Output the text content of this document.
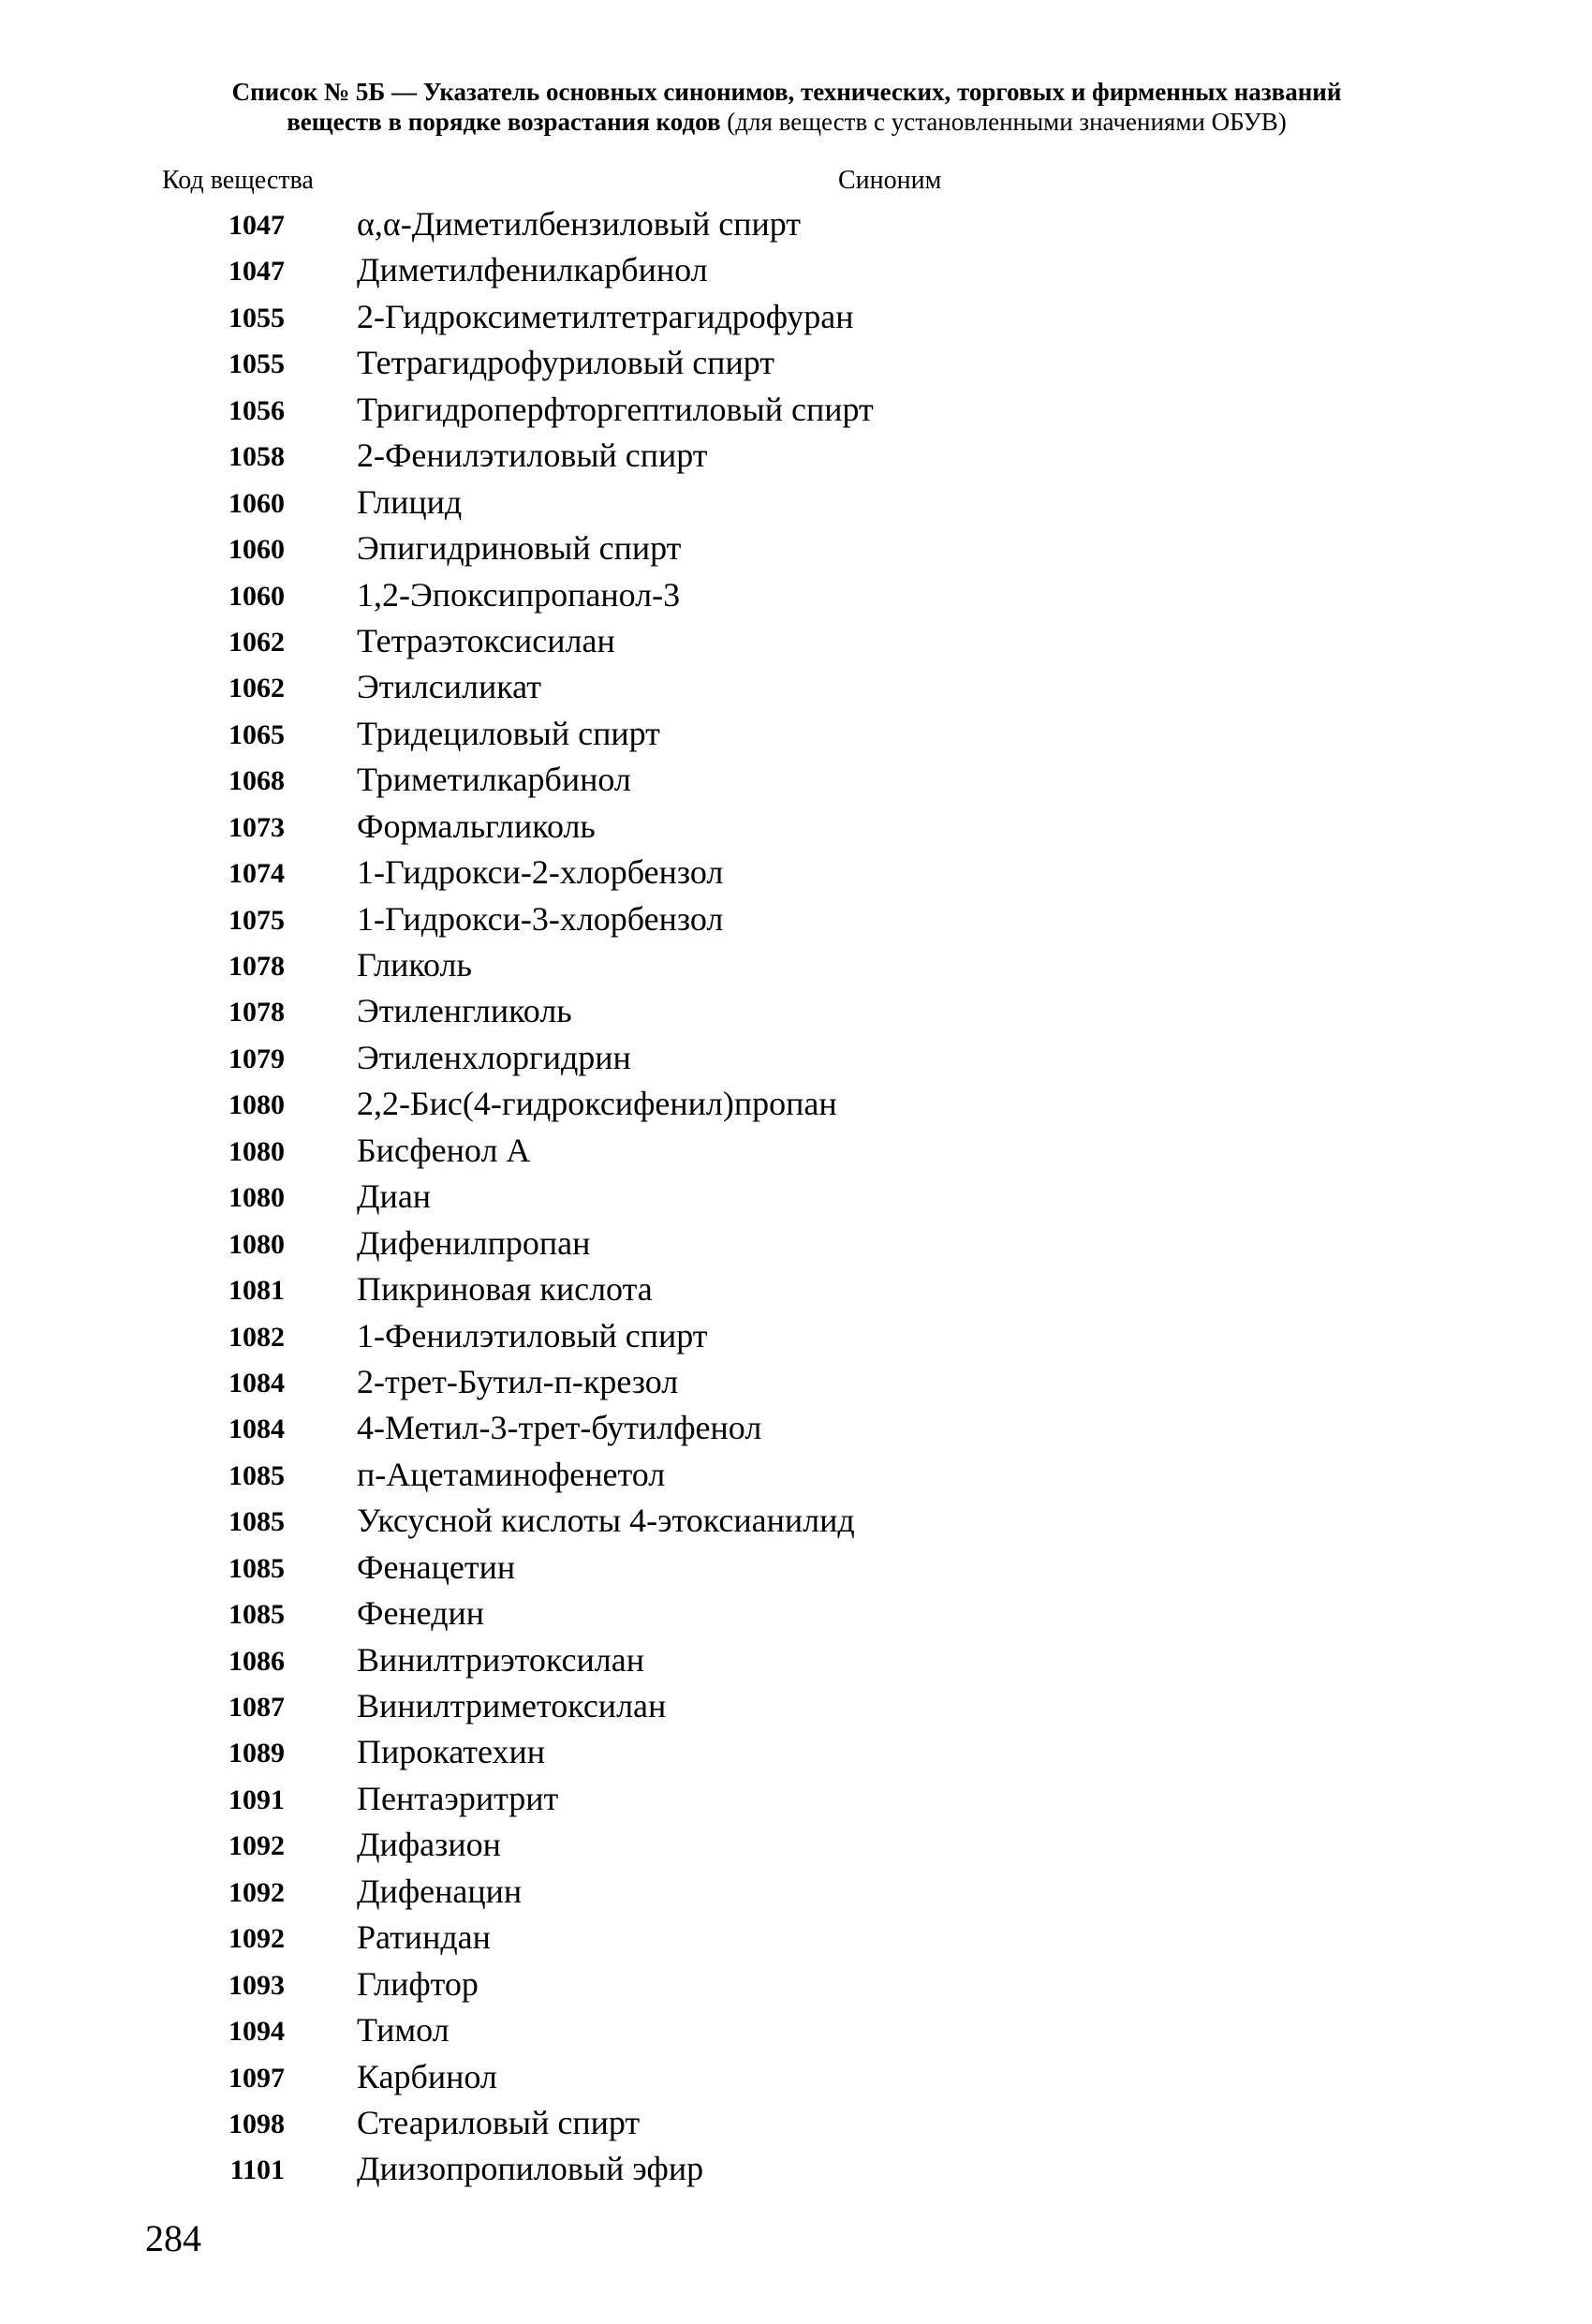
Список № 5Б — Указатель основных синонимов, технических, торговых и фирменных названий
веществ в порядке возрастания кодов (для веществ с установленными значениями ОБУВ)
Код вещества	Синоним
1047 α,α-Диметилбензиловый спирт
1047 Диметилфенилкарбинол
1055 2-Гидроксиметилтетрагидрофуран
1055 Тетрагидрофуриловый спирт
1056 Тригидроперфторгептиловый спирт
1058 2-Фенилэтиловый спирт
1060 Глицид
1060 Эпигидриновый спирт
1060 1,2-Эпоксипропанол-3
1062 Тетраэтоксисилан
1062 Этилсиликат
1065 Тридециловый спирт
1068 Триметилкарбинол
1073 Формальгликоль
1074 1-Гидрокси-2-хлорбензол
1075 1-Гидрокси-3-хлорбензол
1078 Гликоль
1078 Этиленгликоль
1079 Этиленхлоргидрин
1080 2,2-Бис(4-гидроксифенил)пропан
1080 Бисфенол А
1080 Диан
1080 Дифенилпропан
1081 Пикриновая кислота
1082 1-Фенилэтиловый спирт
1084 2-трет-Бутил-п-крезол
1084 4-Метил-3-трет-бутилфенол
1085 п-Ацетаминофенетол
1085 Уксусной кислоты 4-этоксианилид
1085 Фенацетин
1085 Фенедин
1086 Винилтриэтоксилан
1087 Винилтриметоксилан
1089 Пирокатехин
1091 Пентаэритрит
1092 Дифазион
1092 Дифенацин
1092 Ратиндан
1093 Глифтор
1094 Тимол
1097 Карбинол
1098 Стеариловый спирт
1101 Диизопропиловый эфир
284
